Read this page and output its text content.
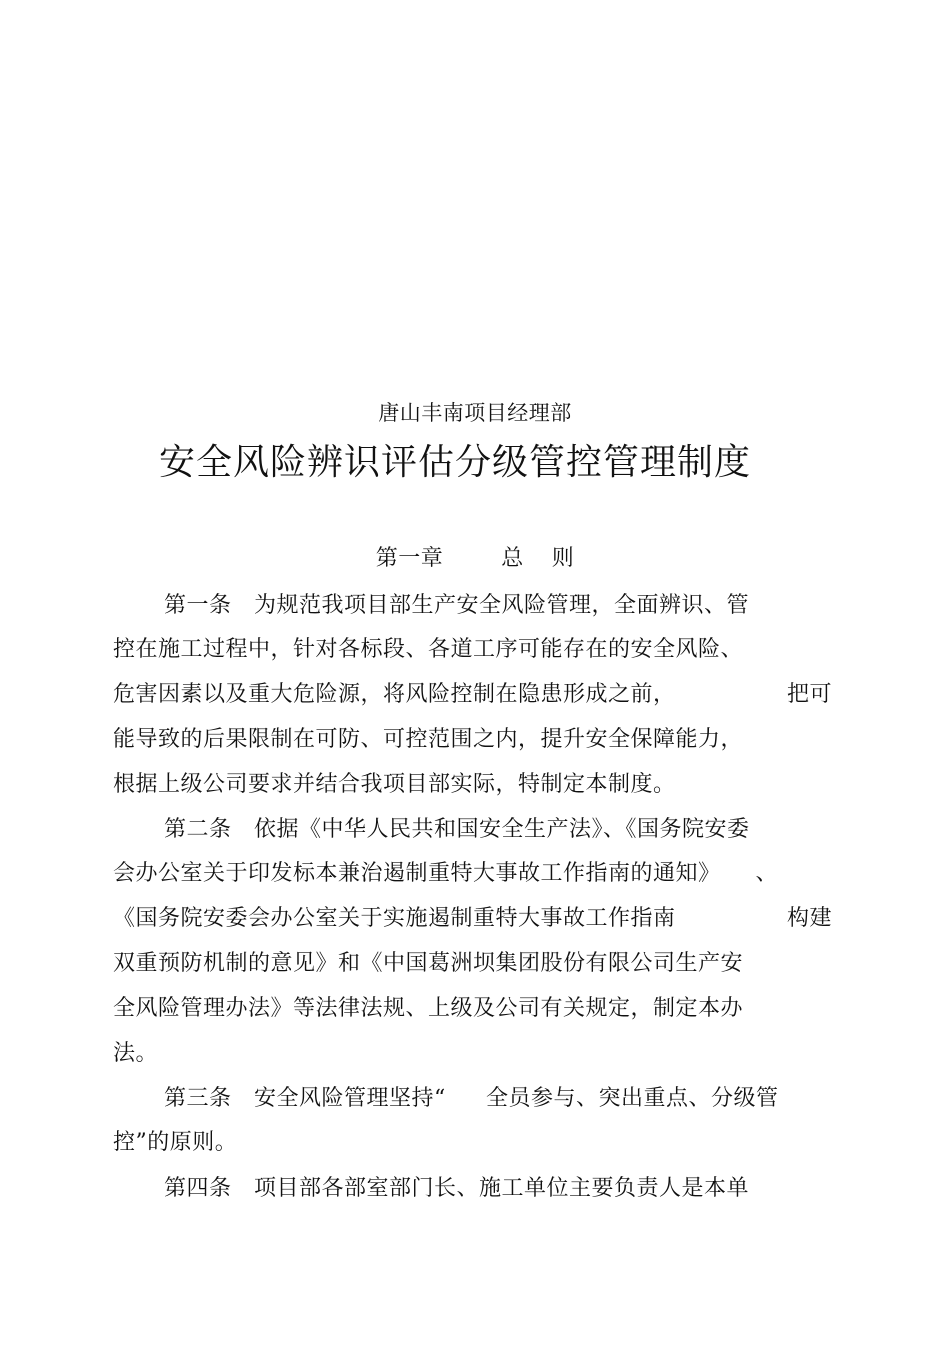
唐山丰南项目经理部
安全风险辨识评估分级管控管理制度
第一章	总 则
第一条　为规范我项目部生产安全风险管理，全面辨识、管
控在施工过程中，针对各标段、各道工序可能存在的安全风险、
危害因素以及重大危险源，将风险控制在隐患形成之前，	把可
能导致的后果限制在可防、可控范围之内，提升安全保障能力，
根据上级公司要求并结合我项目部实际，特制定本制度。
第二条　依据《中华人民共和国安全生产法》、《国务院安委
会办公室关于印发标本兼治遏制重特大事故工作指南的通知》 、
《国务院安委会办公室关于实施遏制重特大事故工作指南	构建
双重预防机制的意见》和《中国葛洲坝集团股份有限公司生产安
全风险管理办法》等法律法规、上级及公司有关规定，制定本办
法。
第三条　安全风险管理坚持“ 全员参与、突出重点、分级管
控”的原则。
第四条　项目部各部室部门长、施工单位主要负责人是本单
